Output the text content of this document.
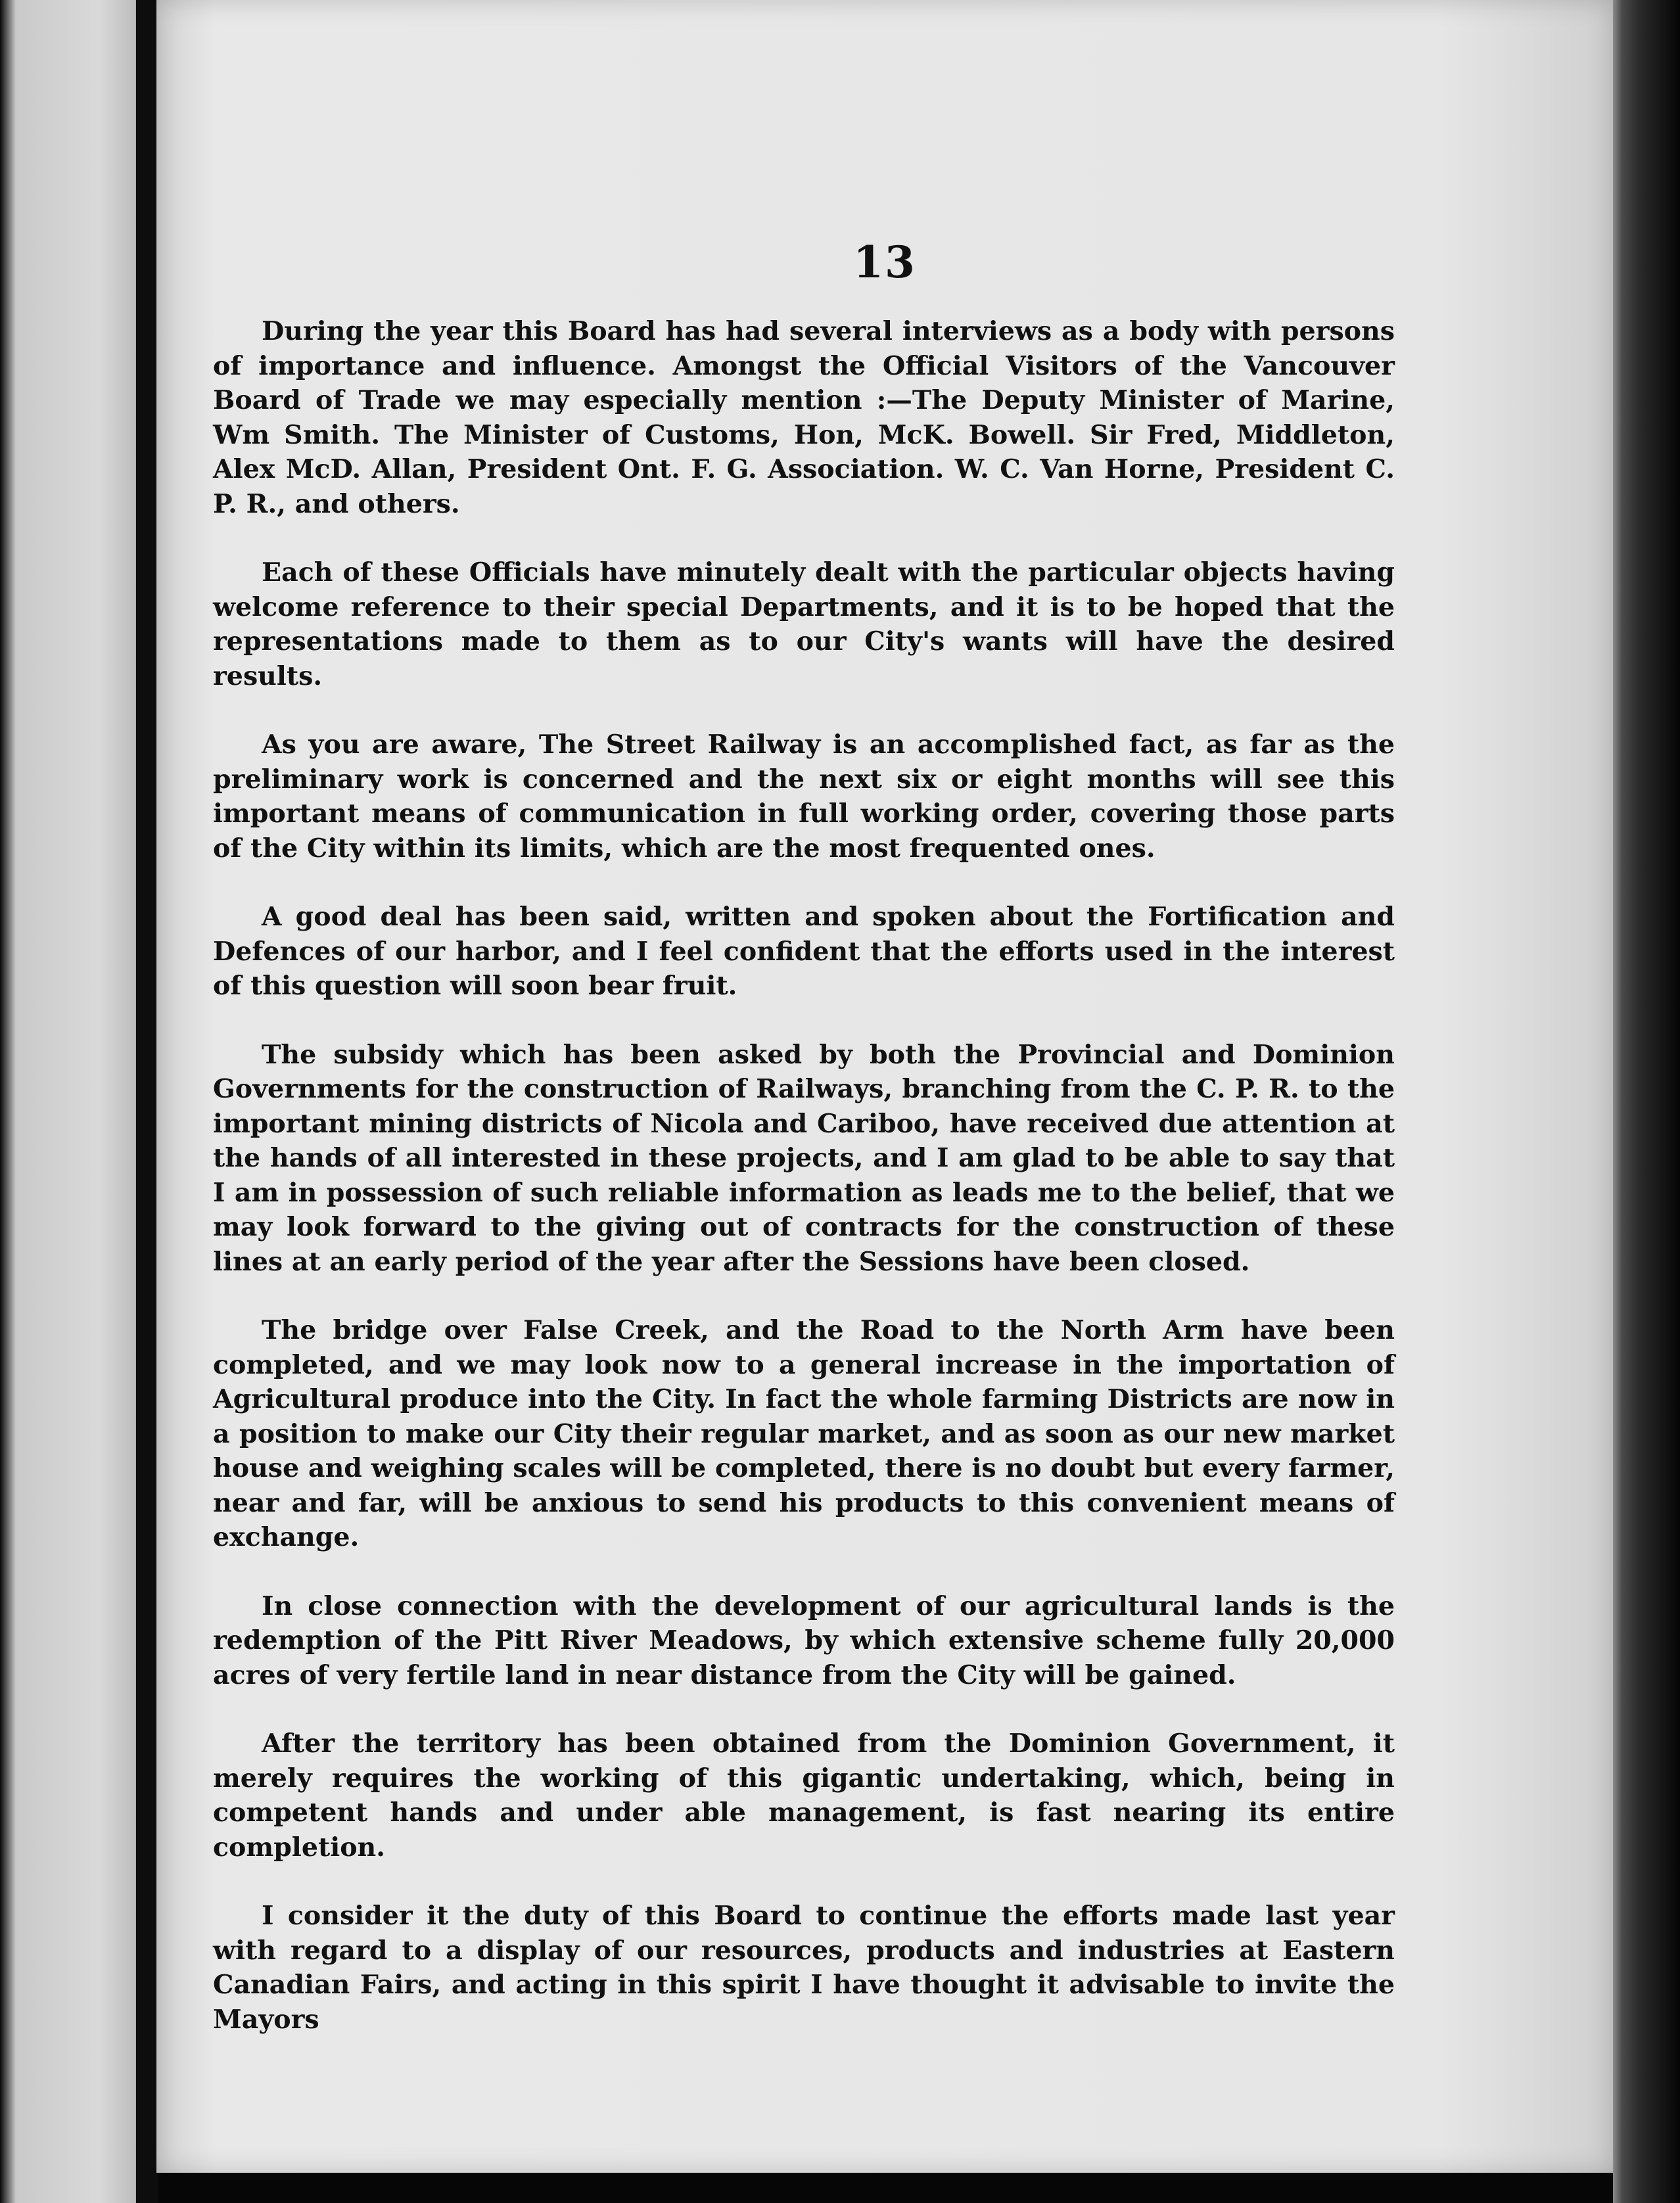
13

During the year this Board has had several interviews as a body with persons of importance and influence. Amongst the Official Visitors of the Vancouver Board of Trade we may especially mention :—The Deputy Minister of Marine, Wm Smith. The Minister of Customs, Hon, McK. Bowell. Sir Fred, Middleton, Alex McD. Allan, President Ont. F. G. Association. W. C. Van Horne, President C. P. R., and others.

Each of these Officials have minutely dealt with the particular objects having welcome reference to their special Departments, and it is to be hoped that the representations made to them as to our City's wants will have the desired results.

As you are aware, The Street Railway is an accomplished fact, as far as the preliminary work is concerned and the next six or eight months will see this important means of communication in full working order, covering those parts of the City within its limits, which are the most frequented ones.

A good deal has been said, written and spoken about the Fortification and Defences of our harbor, and I feel confident that the efforts used in the interest of this question will soon bear fruit.

The subsidy which has been asked by both the Provincial and Dominion Governments for the construction of Railways, branching from the C. P. R. to the important mining districts of Nicola and Cariboo, have received due attention at the hands of all interested in these projects, and I am glad to be able to say that I am in possession of such reliable information as leads me to the belief, that we may look forward to the giving out of contracts for the construction of these lines at an early period of the year after the Sessions have been closed.

The bridge over False Creek, and the Road to the North Arm have been completed, and we may look now to a general increase in the importation of Agricultural produce into the City. In fact the whole farming Districts are now in a position to make our City their regular market, and as soon as our new market house and weighing scales will be completed, there is no doubt but every farmer, near and far, will be anxious to send his products to this convenient means of exchange.

In close connection with the development of our agricultural lands is the redemption of the Pitt River Meadows, by which extensive scheme fully 20,000 acres of very fertile land in near distance from the City will be gained.

After the territory has been obtained from the Dominion Government, it merely requires the working of this gigantic undertaking, which, being in competent hands and under able management, is fast nearing its entire completion.

I consider it the duty of this Board to continue the efforts made last year with regard to a display of our resources, products and industries at Eastern Canadian Fairs, and acting in this spirit I have thought it advisable to invite the Mayors
